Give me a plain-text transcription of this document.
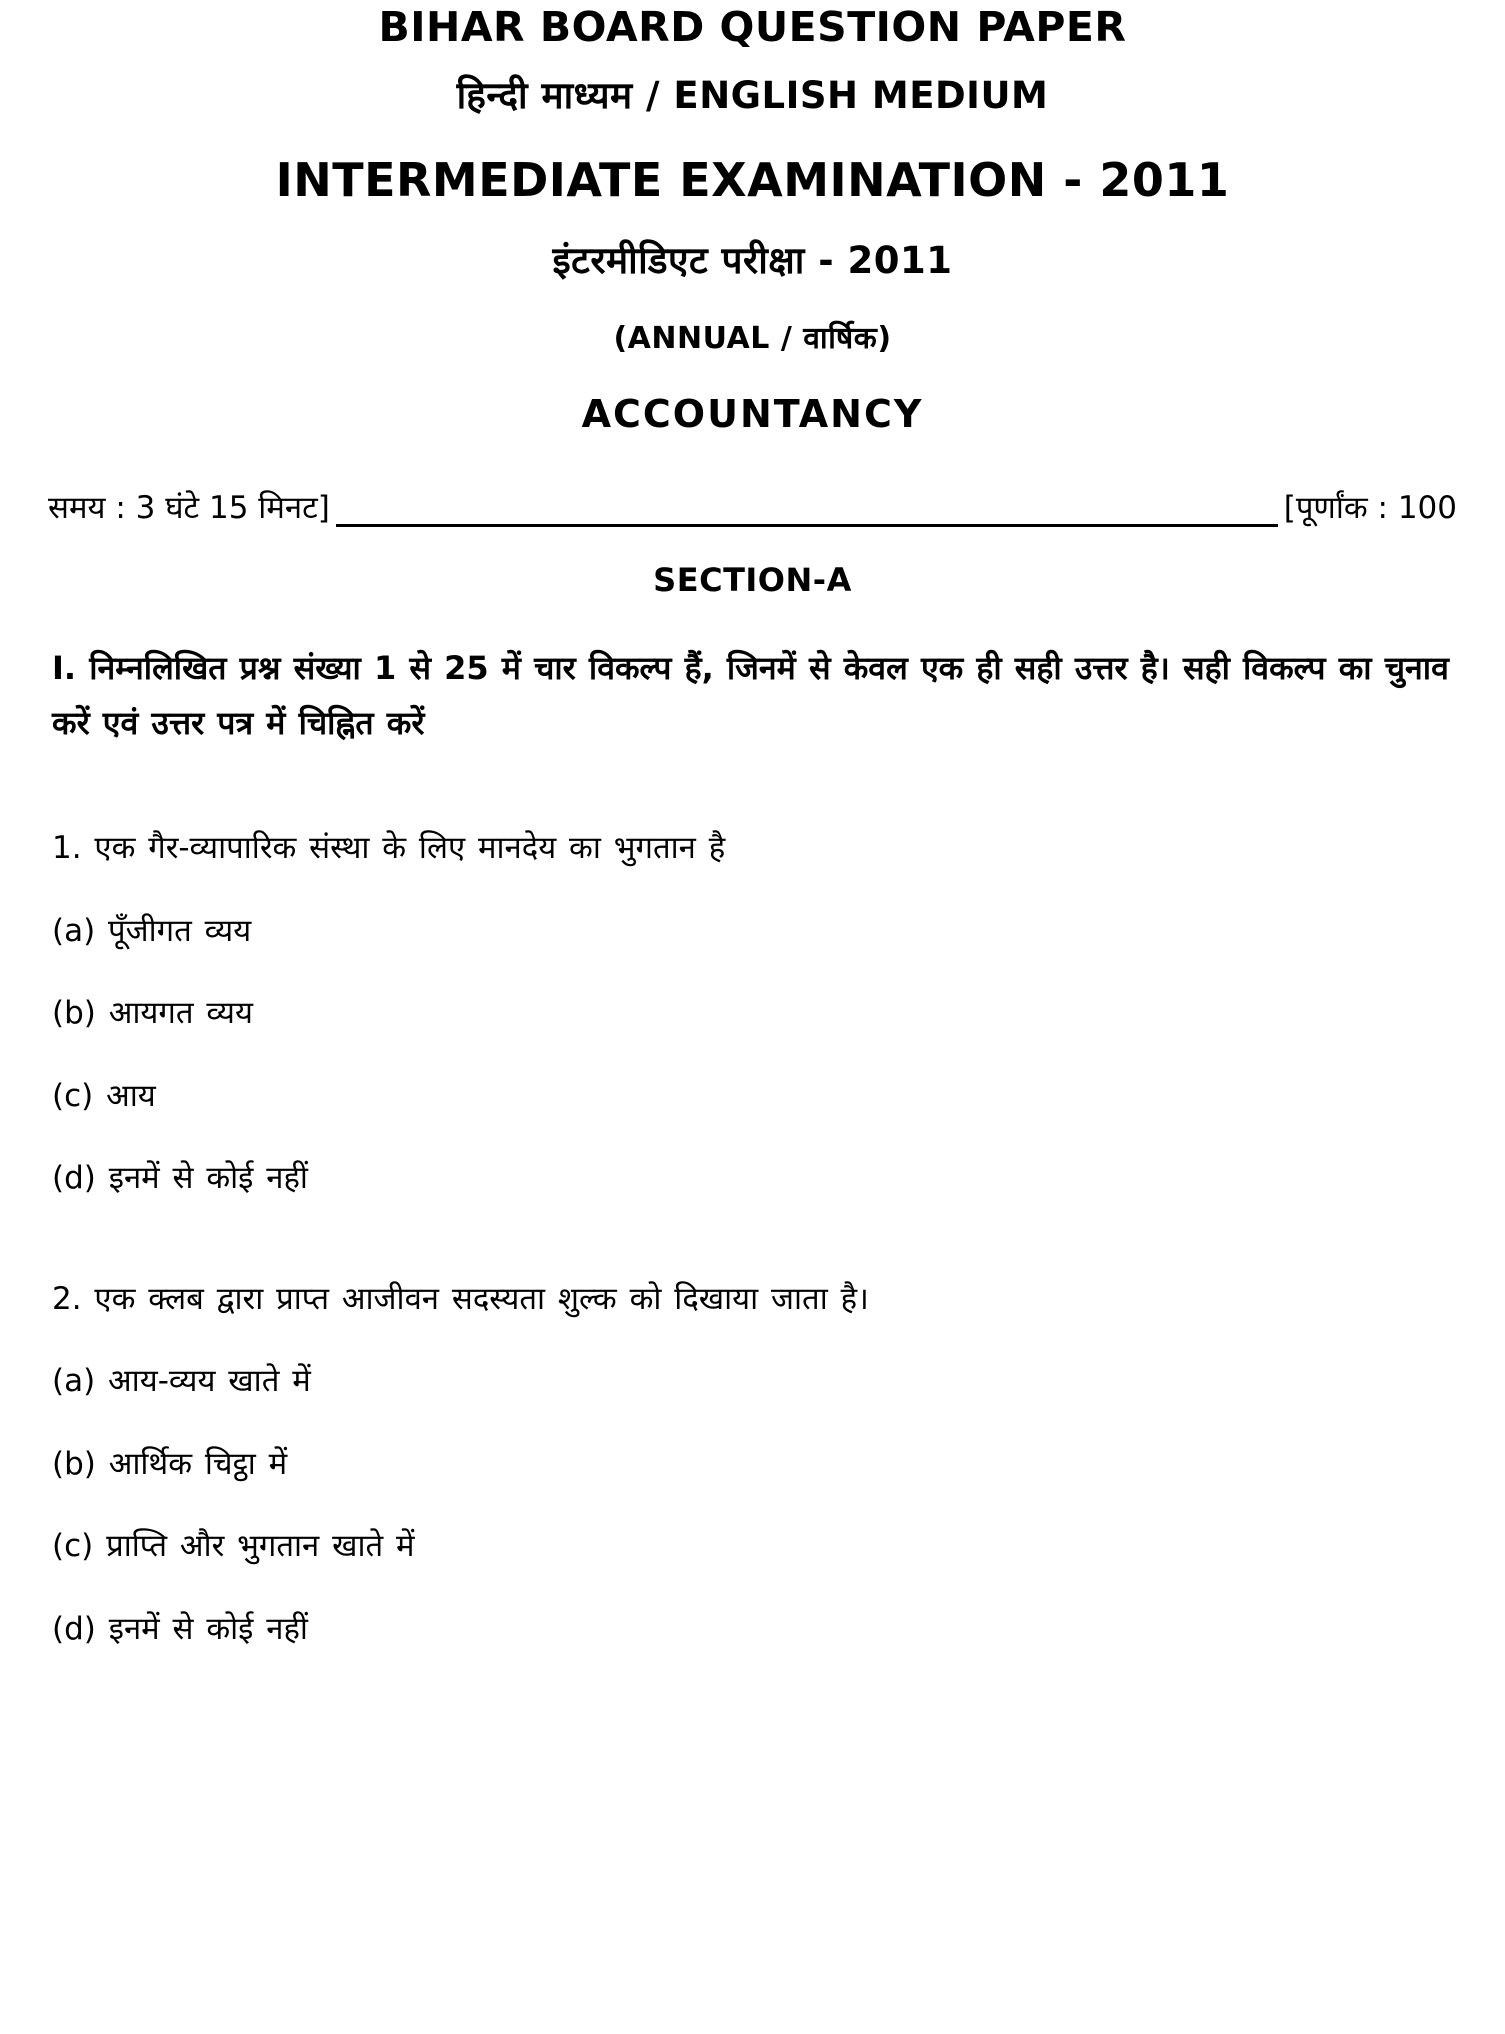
BIHAR BOARD QUESTION PAPER
हिन्दी माध्यम / ENGLISH MEDIUM
INTERMEDIATE EXAMINATION - 2011
इंटरमीडिएट परीक्षा - 2011
(ANNUAL / वार्षिक)
ACCOUNTANCY
समय : 3 घंटे 15 मिनट]	[पूर्णांक : 100
SECTION-A
I. निम्नलिखित प्रश्न संख्या 1 से 25 में चार विकल्प हैं, जिनमें से केवल एक ही सही उत्तर है। सही विकल्प का चुनाव करें एवं उत्तर पत्र में चिह्नित करें
1. एक गैर-व्यापारिक संस्था के लिए मानदेय का भुगतान है
(a) पूँजीगत व्यय
(b) आयगत व्यय
(c) आय
(d) इनमें से कोई नहीं
2. एक क्लब द्वारा प्राप्त आजीवन सदस्यता शुल्क को दिखाया जाता है।
(a) आय-व्यय खाते में
(b) आर्थिक चिट्ठा में
(c) प्राप्ति और भुगतान खाते में
(d) इनमें से कोई नहीं
